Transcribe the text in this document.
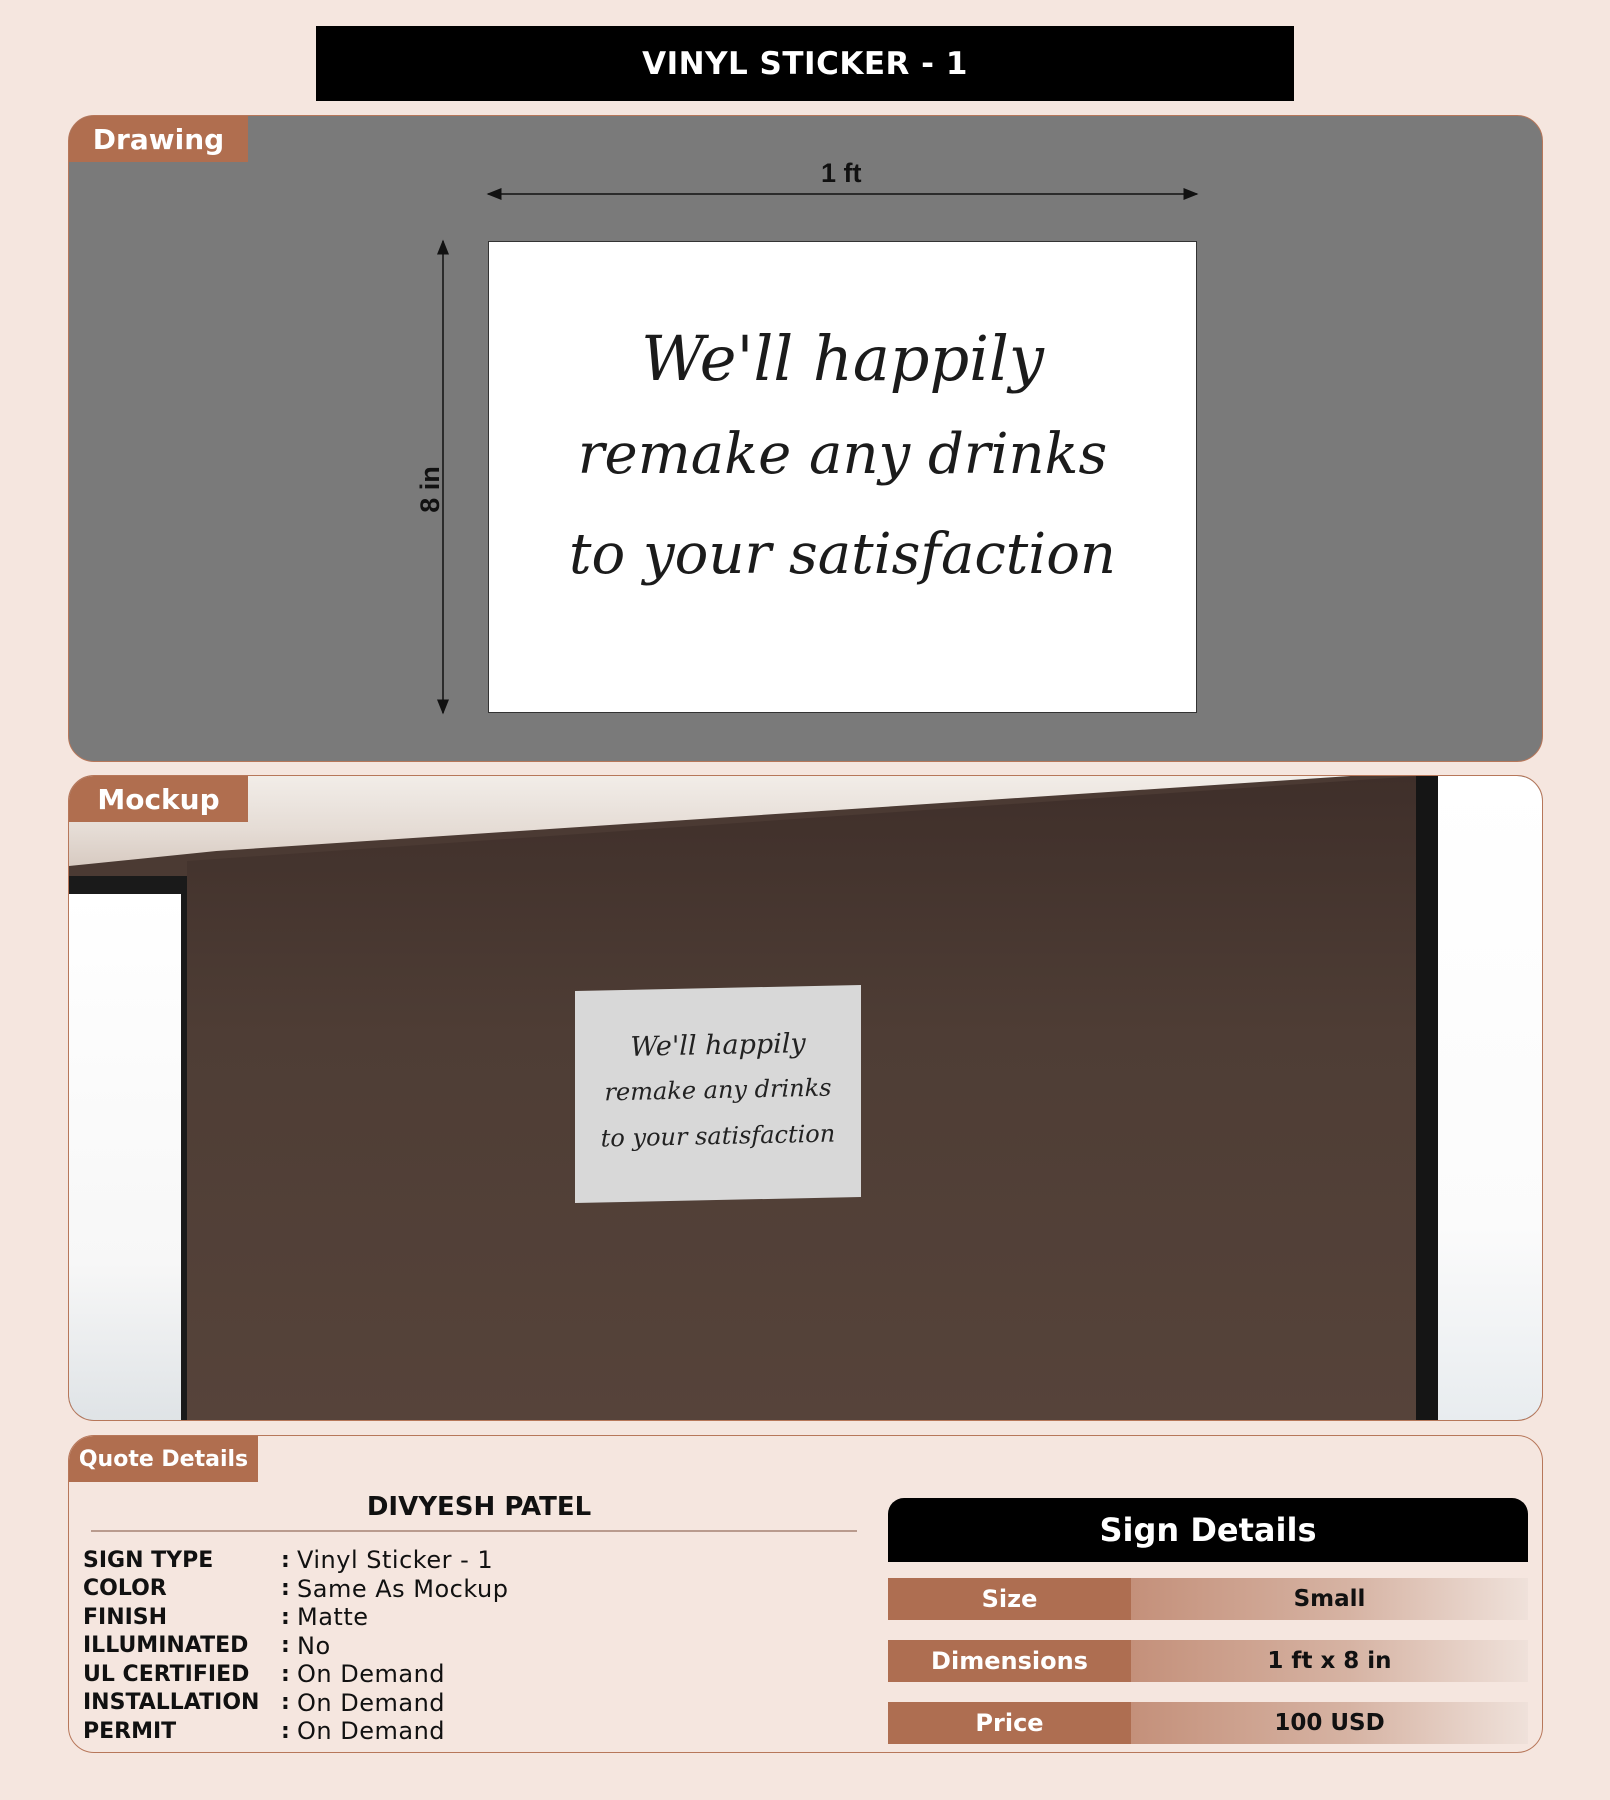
VINYL STICKER - 1
Drawing
1 ft
8 in
We'll happily
remake any drinks
to your satisfaction
We'll happily
remake any drinks
to your satisfaction
Mockup
Quote Details
DIVYESH PATEL
SIGN TYPE	: Vinyl Sticker - 1
COLOR	: Same As Mockup
FINISH	: Matte
ILLUMINATED	: No
UL CERTIFIED	: On Demand
INSTALLATION : On Demand
PERMIT	: On Demand
Sign Details
Size	Small
Dimensions	1 ft x 8 in
Price	100 USD
